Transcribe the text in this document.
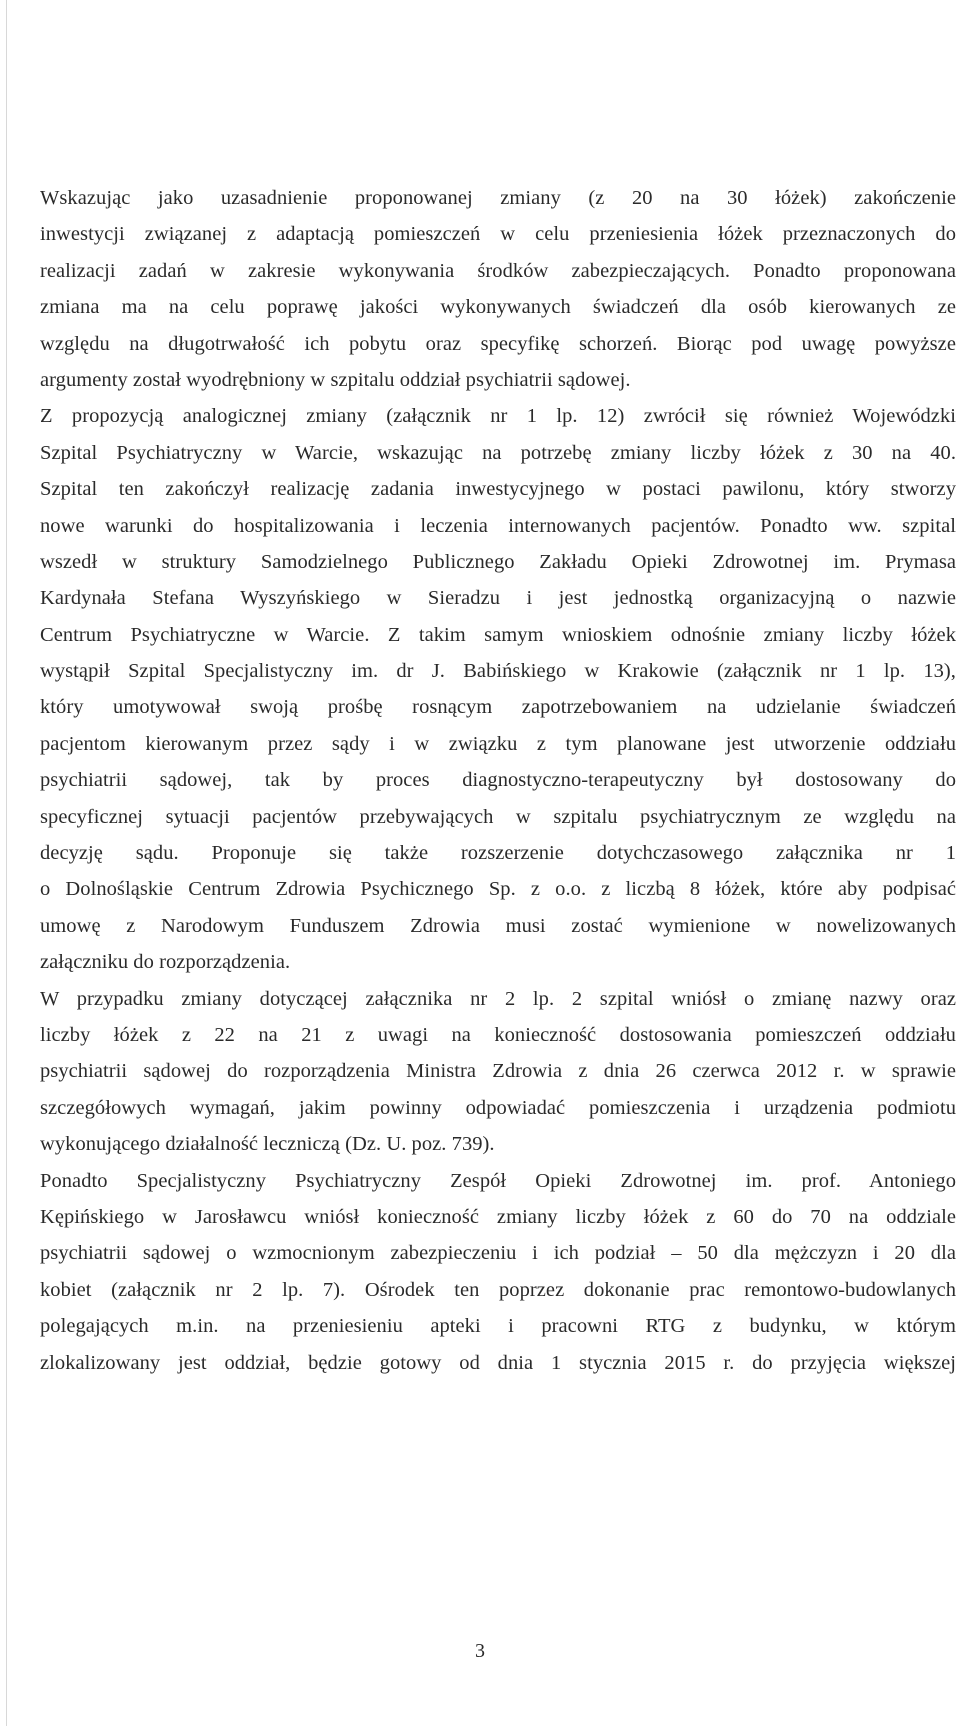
Wskazując jako uzasadnienie proponowanej zmiany (z 20 na 30 łóżek) zakończenie
inwestycji związanej z adaptacją pomieszczeń w celu przeniesienia łóżek przeznaczonych do
realizacji zadań w zakresie wykonywania środków zabezpieczających. Ponadto proponowana
zmiana ma na celu poprawę jakości wykonywanych świadczeń dla osób kierowanych ze
względu na długotrwałość ich pobytu oraz specyfikę schorzeń. Biorąc pod uwagę powyższe
argumenty został wyodrębniony w szpitalu oddział psychiatrii sądowej.
Z propozycją analogicznej zmiany (załącznik nr 1 lp. 12) zwrócił się również Wojewódzki
Szpital Psychiatryczny w Warcie, wskazując na potrzebę zmiany liczby łóżek z 30 na 40.
Szpital ten zakończył realizację zadania inwestycyjnego w postaci pawilonu, który stworzy
nowe warunki do hospitalizowania i leczenia internowanych pacjentów. Ponadto ww. szpital
wszedł w struktury Samodzielnego Publicznego Zakładu Opieki Zdrowotnej im. Prymasa
Kardynała Stefana Wyszyńskiego w Sieradzu i jest jednostką organizacyjną o nazwie
Centrum Psychiatryczne w Warcie. Z takim samym wnioskiem odnośnie zmiany liczby łóżek
wystąpił Szpital Specjalistyczny im. dr J. Babińskiego w Krakowie (załącznik nr 1 lp. 13),
który umotywował swoją prośbę rosnącym zapotrzebowaniem na udzielanie świadczeń
pacjentom kierowanym przez sądy i w związku z tym planowane jest utworzenie oddziału
psychiatrii sądowej, tak by proces diagnostyczno-terapeutyczny był dostosowany do
specyficznej sytuacji pacjentów przebywających w szpitalu psychiatrycznym ze względu na
decyzję sądu. Proponuje się także rozszerzenie dotychczasowego załącznika nr 1
o Dolnośląskie Centrum Zdrowia Psychicznego Sp. z o.o. z liczbą 8 łóżek, które aby podpisać
umowę z Narodowym Funduszem Zdrowia musi zostać wymienione w nowelizowanych
załączniku do rozporządzenia.
W przypadku zmiany dotyczącej załącznika nr 2 lp. 2 szpital wniósł o zmianę nazwy oraz
liczby łóżek z 22 na 21 z uwagi na konieczność dostosowania pomieszczeń oddziału
psychiatrii sądowej do rozporządzenia Ministra Zdrowia z dnia 26 czerwca 2012 r. w sprawie
szczegółowych wymagań, jakim powinny odpowiadać pomieszczenia i urządzenia podmiotu
wykonującego działalność leczniczą (Dz. U. poz. 739).
Ponadto Specjalistyczny Psychiatryczny Zespół Opieki Zdrowotnej im. prof. Antoniego
Kępińskiego w Jarosławcu wniósł konieczność zmiany liczby łóżek z 60 do 70 na oddziale
psychiatrii sądowej o wzmocnionym zabezpieczeniu i ich podział – 50 dla mężczyzn i 20 dla
kobiet (załącznik nr 2 lp. 7). Ośrodek ten poprzez dokonanie prac remontowo-budowlanych
polegających m.in. na przeniesieniu apteki i pracowni RTG z budynku, w którym
zlokalizowany jest oddział, będzie gotowy od dnia 1 stycznia 2015 r. do przyjęcia większej
3
